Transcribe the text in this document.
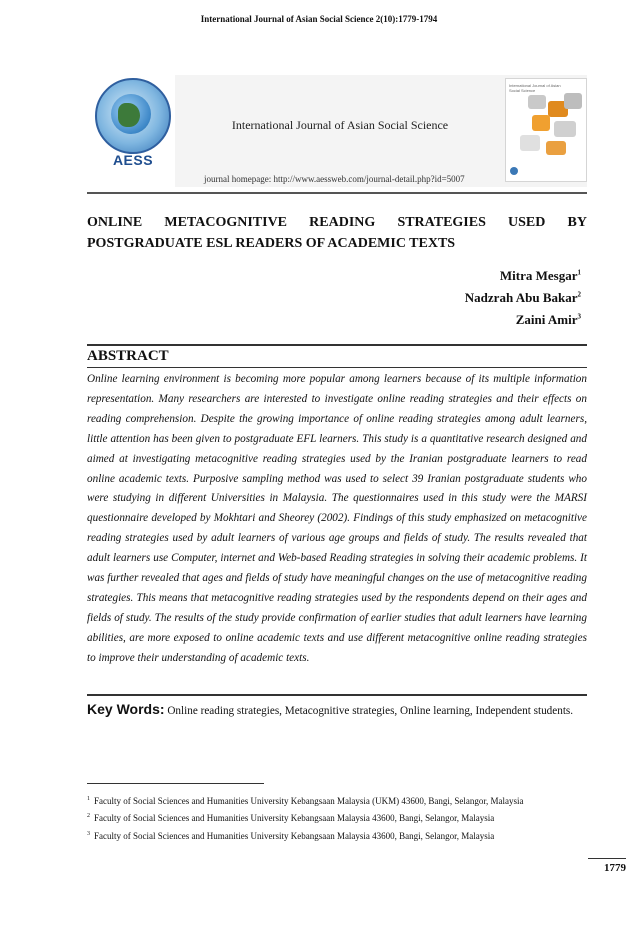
International Journal of Asian Social Science 2(10):1779-1794
AESS
International Journal of Asian Social Science
journal homepage: http://www.aessweb.com/journal-detail.php?id=5007
International Journal of Asian Social Science
ONLINE METACOGNITIVE READING STRATEGIES USED BY
POSTGRADUATE ESL READERS OF ACADEMIC TEXTS
Mitra Mesgar$^1$
Nadzrah Abu Bakar$^2$
Zaini Amir$^3$
ABSTRACT

Online learning environment is becoming more popular among learners because of its multiple information representation. Many researchers are interested to investigate online reading strategies and their effects on reading comprehension. Despite the growing importance of online reading strategies among adult learners, little attention has been given to postgraduate EFL learners. This study is a quantitative research designed and aimed at investigating metacognitive reading strategies used by the Iranian postgraduate learners to read online academic texts. Purposive sampling method was used to select 39 Iranian postgraduate students who were studying in different Universities in Malaysia. The questionnaires used in this study were the MARSI questionnaire developed by Mokhtari and Sheorey (2002). Findings of this study emphasized on metacognitive reading strategies used by adult learners of various age groups and fields of study. The results revealed that adult learners use Computer, internet and Web-based Reading strategies in solving their academic problems. It was further revealed that ages and fields of study have meaningful changes on the use of metacognitive reading strategies. This means that metacognitive reading strategies used by the respondents depend on their ages and fields of study. The results of the study provide confirmation of earlier studies that adult learners have learning abilities, are more exposed to online academic texts and use different metacognitive online reading strategies to improve their understanding of academic texts.

Key Words: Online reading strategies, Metacognitive strategies, Online learning, Independent students.
$^1$ Faculty of Social Sciences and Humanities University Kebangsaan Malaysia (UKM) 43600, Bangi, Selangor, Malaysia
$^2$ Faculty of Social Sciences and Humanities University Kebangsaan Malaysia 43600, Bangi, Selangor, Malaysia
$^3$ Faculty of Social Sciences and Humanities University Kebangsaan Malaysia 43600, Bangi, Selangor, Malaysia
1779
